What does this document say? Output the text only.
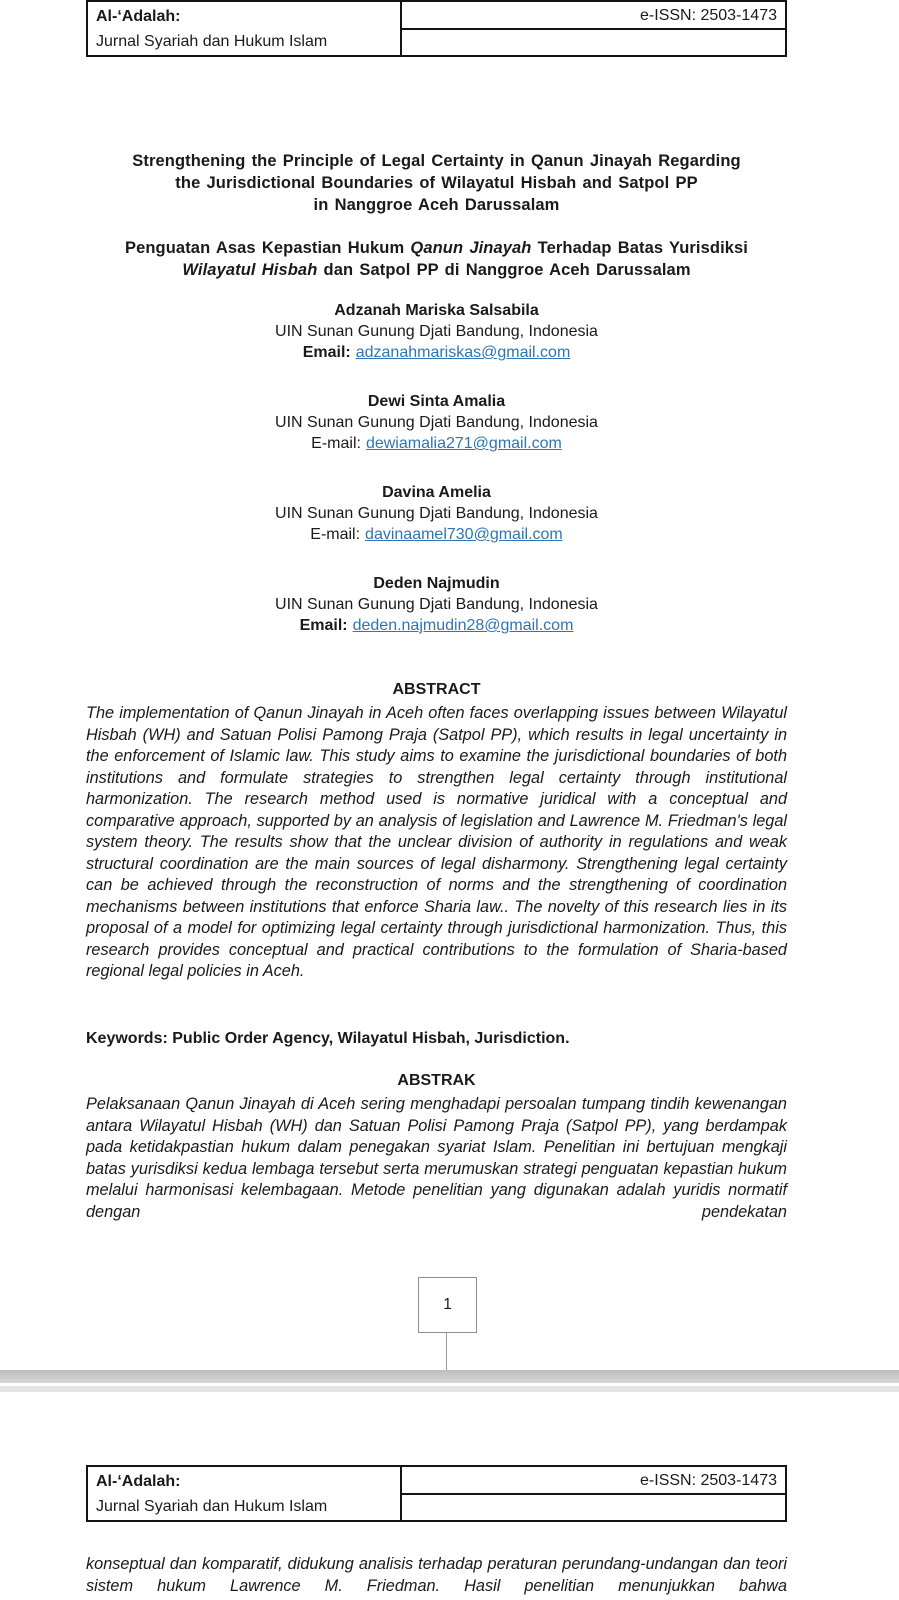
Al-‘Adalah:
Jurnal Syariah dan Hukum Islam
e-ISSN: 2503-1473
Strengthening the Principle of Legal Certainty in Qanun Jinayah Regarding
the Jurisdictional Boundaries of Wilayatul Hisbah and Satpol PP
in Nanggroe Aceh Darussalam
Penguatan Asas Kepastian Hukum Qanun Jinayah Terhadap Batas Yurisdiksi
Wilayatul Hisbah dan Satpol PP di Nanggroe Aceh Darussalam
Adzanah Mariska Salsabila
UIN Sunan Gunung Djati Bandung, Indonesia
Email: adzanahmariskas@gmail.com
Dewi Sinta Amalia
UIN Sunan Gunung Djati Bandung, Indonesia
E-mail: dewiamalia271@gmail.com
Davina Amelia
UIN Sunan Gunung Djati Bandung, Indonesia
E-mail: davinaamel730@gmail.com
Deden Najmudin
UIN Sunan Gunung Djati Bandung, Indonesia
Email: deden.najmudin28@gmail.com
ABSTRACT
The implementation of Qanun Jinayah in Aceh often faces overlapping issues between Wilayatul Hisbah (WH) and Satuan Polisi Pamong Praja (Satpol PP), which results in legal uncertainty in the enforcement of Islamic law. This study aims to examine the jurisdictional boundaries of both institutions and formulate strategies to strengthen legal certainty through institutional harmonization. The research method used is normative juridical with a conceptual and comparative approach, supported by an analysis of legislation and Lawrence M. Friedman's legal system theory. The results show that the unclear division of authority in regulations and weak structural coordination are the main sources of legal disharmony. Strengthening legal certainty can be achieved through the reconstruction of norms and the strengthening of coordination mechanisms between institutions that enforce Sharia law.. The novelty of this research lies in its proposal of a model for optimizing legal certainty through jurisdictional harmonization. Thus, this research provides conceptual and practical contributions to the formulation of Sharia-based regional legal policies in Aceh.
Keywords: Public Order Agency, Wilayatul Hisbah, Jurisdiction.
ABSTRAK
Pelaksanaan Qanun Jinayah di Aceh sering menghadapi persoalan tumpang tindih kewenangan antara Wilayatul Hisbah (WH) dan Satuan Polisi Pamong Praja (Satpol PP), yang berdampak pada ketidakpastian hukum dalam penegakan syariat Islam. Penelitian ini bertujuan mengkaji batas yurisdiksi kedua lembaga tersebut serta merumuskan strategi penguatan kepastian hukum melalui harmonisasi kelembagaan. Metode penelitian yang digunakan adalah yuridis normatif dengan pendekatan
1
Al-‘Adalah:
Jurnal Syariah dan Hukum Islam
e-ISSN: 2503-1473
konseptual dan komparatif, didukung analisis terhadap peraturan perundang-undangan dan teori sistem hukum Lawrence M. Friedman. Hasil penelitian menunjukkan bahwa
